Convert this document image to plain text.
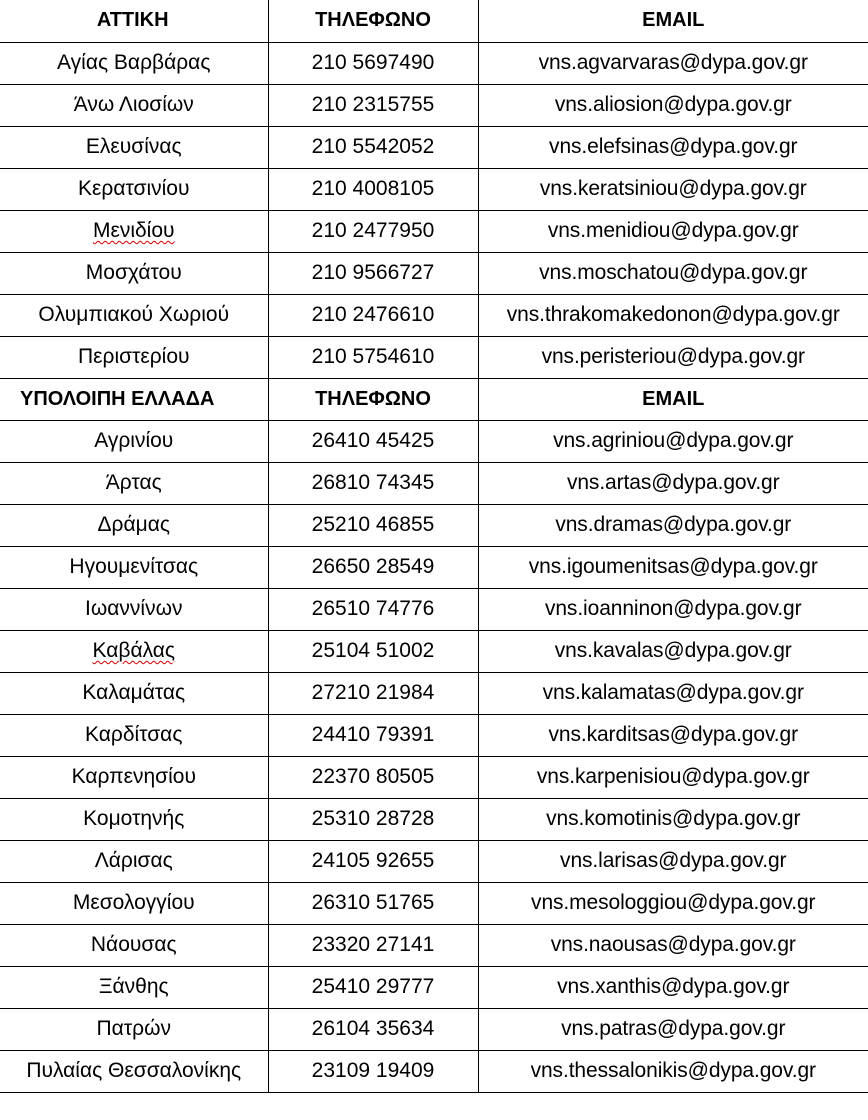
ΑΤΤΙΚΗ	ΤΗΛΕΦΩΝΟ	EMAIL
Αγίας Βαρβάρας	210 5697490	vns.agvarvaras@dypa.gov.gr
Άνω Λιοσίων	210 2315755	vns.aliosion@dypa.gov.gr
Ελευσίνας	210 5542052	vns.elefsinas@dypa.gov.gr
Κερατσινίου	210 4008105	vns.keratsiniou@dypa.gov.gr
Μενιδίου	210 2477950	vns.menidiou@dypa.gov.gr
Μοσχάτου	210 9566727	vns.moschatou@dypa.gov.gr
Ολυμπιακού Χωριού	210 2476610	vns.thrakomakedonon@dypa.gov.gr
Περιστερίου	210 5754610	vns.peristeriou@dypa.gov.gr
ΥΠΟΛΟΙΠΗ ΕΛΛΑΔΑ	ΤΗΛΕΦΩΝΟ	EMAIL
Αγρινίου	26410 45425	vns.agriniou@dypa.gov.gr
Άρτας	26810 74345	vns.artas@dypa.gov.gr
Δράμας	25210 46855	vns.dramas@dypa.gov.gr
Ηγουμενίτσας	26650 28549	vns.igoumenitsas@dypa.gov.gr
Ιωαννίνων	26510 74776	vns.ioanninon@dypa.gov.gr
Καβάλας	25104 51002	vns.kavalas@dypa.gov.gr
Καλαμάτας	27210 21984	vns.kalamatas@dypa.gov.gr
Καρδίτσας	24410 79391	vns.karditsas@dypa.gov.gr
Καρπενησίου	22370 80505	vns.karpenisiou@dypa.gov.gr
Κομοτηνής	25310 28728	vns.komotinis@dypa.gov.gr
Λάρισας	24105 92655	vns.larisas@dypa.gov.gr
Μεσολογγίου	26310 51765	vns.mesologgiou@dypa.gov.gr
Νάουσας	23320 27141	vns.naousas@dypa.gov.gr
Ξάνθης	25410 29777	vns.xanthis@dypa.gov.gr
Πατρών	26104 35634	vns.patras@dypa.gov.gr
Πυλαίας Θεσσαλονίκης	23109 19409	vns.thessalonikis@dypa.gov.gr
